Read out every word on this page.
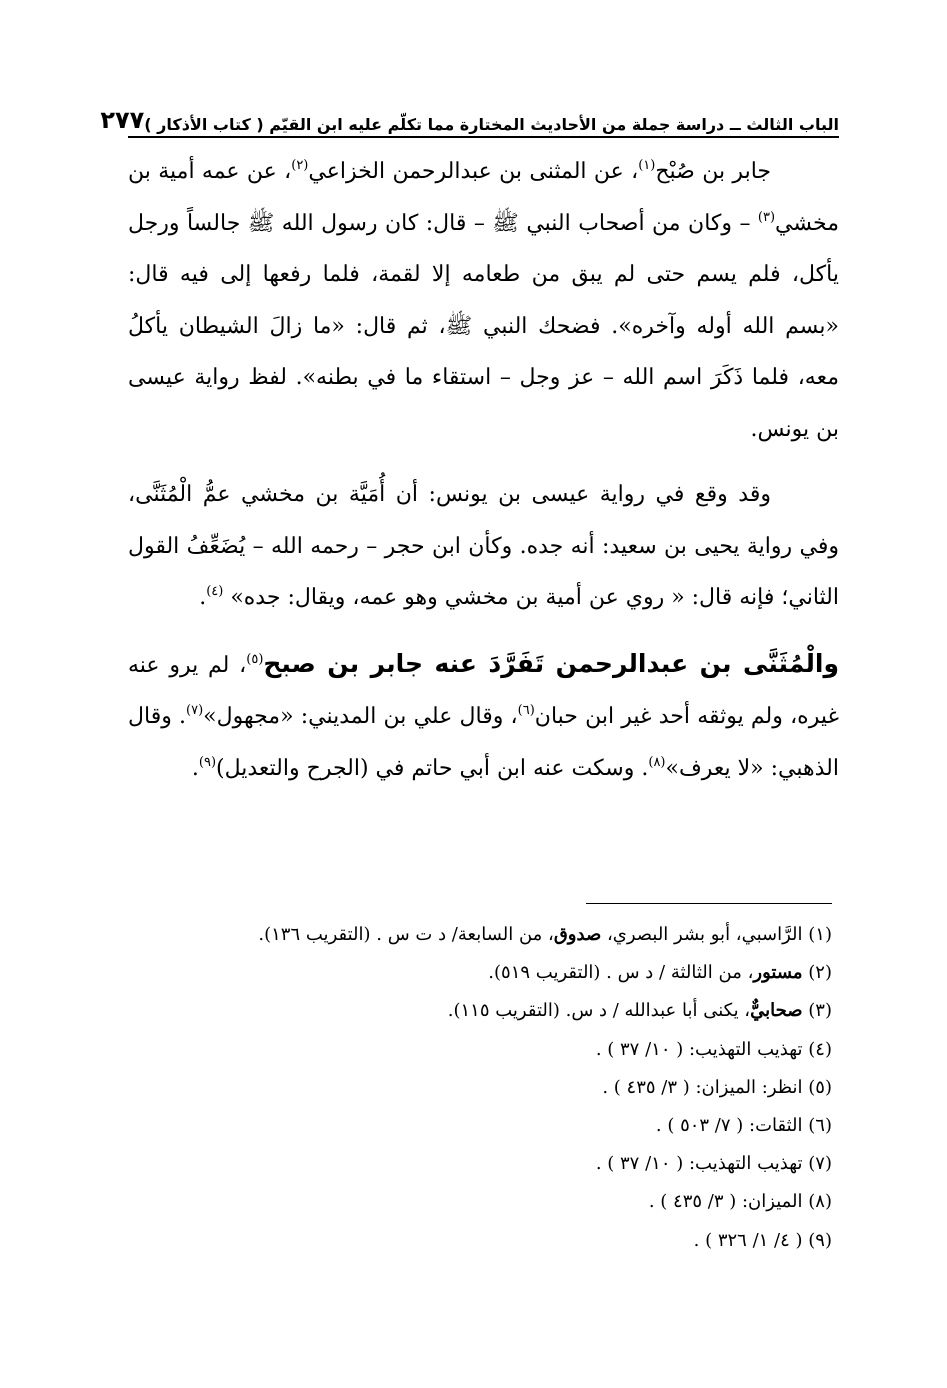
الباب الثالث ــ دراسة جملة من الأحاديث المختارة مما تكلّم عليه ابن القيّم ( كتاب الأذكار )
٢٧٧

جابر بن صُبْح$^{(١)}$، عن المثنى بن عبدالرحمن الخزاعي$^{(٢)}$، عن عمه أمية بن مخشي$^{(٣)}$ – وكان من أصحاب النبي ﷺ – قال: كان رسول الله ﷺ جالساً ورجل يأكل، فلم يسم حتى لم يبق من طعامه إلا لقمة، فلما رفعها إلى فيه قال: «بسم الله أوله وآخره». فضحك النبي ﷺ، ثم قال: «ما زالَ الشيطان يأكلُ معه، فلما ذَكَرَ اسم الله – عز وجل – استقاء ما في بطنه». لفظ رواية عيسى بن يونس.

وقد وقع في رواية عيسى بن يونس: أن أُمَيَّة بن مخشي عمُّ الْمُثَنَّى، وفي رواية يحيى بن سعيد: أنه جده. وكأن ابن حجر – رحمه الله – يُضَعِّفُ القول الثاني؛ فإنه قال: « روي عن أمية بن مخشي وهو عمه، ويقال: جده» $^{(٤)}$.

والْمُثَنَّى بن عبدالرحمن تَفَرَّدَ عنه جابر بن صبح$^{(٥)}$، لم يرو عنه غيره، ولم يوثقه أحد غير ابن حبان$^{(٦)}$، وقال علي بن المديني: «مجهول»$^{(٧)}$. وقال الذهبي: «لا يعرف»$^{(٨)}$. وسكت عنه ابن أبي حاتم في (الجرح والتعديل)$^{(٩)}$.

(١) الرَّاسبي، أبو بشر البصري، صدوق، من السابعة/ د ت س . (التقريب ١٣٦).
(٢) مستور، من الثالثة / د س . (التقريب ٥١٩).
(٣) صحابيٌّ، يكنى أبا عبدالله / د س. (التقريب ١١٥).
(٤) تهذيب التهذيب: ( ١٠/ ٣٧ ) .
(٥) انظر: الميزان: ( ٣/ ٤٣٥ ) .
(٦) الثقات: ( ٧/ ٥٠٣ ) .
(٧) تهذيب التهذيب: ( ١٠/ ٣٧ ) .
(٨) الميزان: ( ٣/ ٤٣٥ ) .
(٩) ( ٤/ ١/ ٣٢٦ ) .
